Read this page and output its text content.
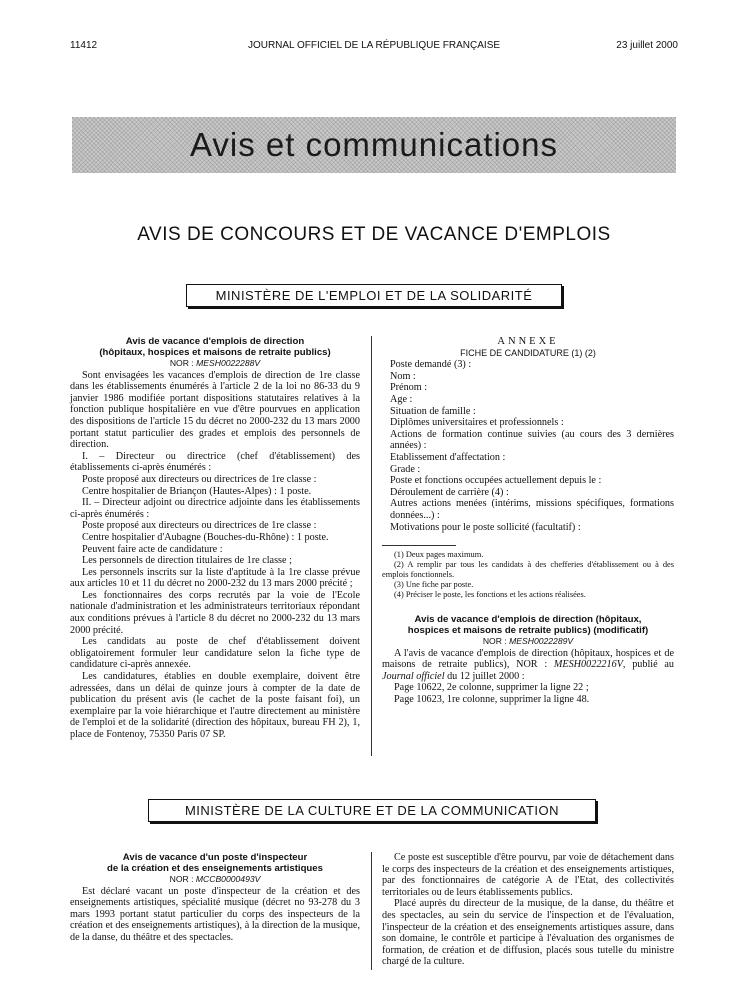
11412	JOURNAL OFFICIEL DE LA RÉPUBLIQUE FRANÇAISE	23 juillet 2000
Avis et communications
AVIS DE CONCOURS ET DE VACANCE D'EMPLOIS
MINISTÈRE DE L'EMPLOI ET DE LA SOLIDARITÉ

Avis de vacance d'emplois de direction

(hôpitaux, hospices et maisons de retraite publics)

NOR : MESH0022288V

Sont envisagées les vacances d'emplois de direction de 1re classe dans les établissements énumérés à l'article 2 de la loi no 86-33 du 9 janvier 1986 modifiée portant dispositions statutaires relatives à la fonction publique hospitalière en vue d'être pourvues en application des dispositions de l'article 15 du décret no 2000-232 du 13 mars 2000 portant statut particulier des grades et emplois des personnels de direction.

I. – Directeur ou directrice (chef d'établissement) des établissements ci-après énumérés :

Poste proposé aux directeurs ou directrices de 1re classe :

Centre hospitalier de Briançon (Hautes-Alpes) : 1 poste.

II. – Directeur adjoint ou directrice adjointe dans les établissements ci-après énumérés :

Poste proposé aux directeurs ou directrices de 1re classe :

Centre hospitalier d'Aubagne (Bouches-du-Rhône) : 1 poste.

Peuvent faire acte de candidature :

Les personnels de direction titulaires de 1re classe ;

Les personnels inscrits sur la liste d'aptitude à la 1re classe prévue aux articles 10 et 11 du décret no 2000-232 du 13 mars 2000 précité ;

Les fonctionnaires des corps recrutés par la voie de l'Ecole nationale d'administration et les administrateurs territoriaux répondant aux conditions prévues à l'article 8 du décret no 2000-232 du 13 mars 2000 précité.

Les candidats au poste de chef d'établissement doivent obligatoirement formuler leur candidature selon la fiche type de candidature ci-après annexée.

Les candidatures, établies en double exemplaire, doivent être adressées, dans un délai de quinze jours à compter de la date de publication du présent avis (le cachet de la poste faisant foi), un exemplaire par la voie hiérarchique et l'autre directement au ministère de l'emploi et de la solidarité (direction des hôpitaux, bureau FH 2), 1, place de Fontenoy, 75350 Paris 07 SP.

ANNEXE

FICHE DE CANDIDATURE (1) (2)

Poste demandé (3) :

Nom :

Prénom :

Age :

Situation de famille :

Diplômes universitaires et professionnels :

Actions de formation continue suivies (au cours des 3 dernières années) :

Etablissement d'affectation :

Grade :

Poste et fonctions occupées actuellement depuis le :

Déroulement de carrière (4) :

Autres actions menées (intérims, missions spécifiques, formations données...) :

Motivations pour le poste sollicité (facultatif) :

(1) Deux pages maximum.

(2) A remplir par tous les candidats à des chefferies d'établissement ou à des emplois fonctionnels.

(3) Une fiche par poste.

(4) Préciser le poste, les fonctions et les actions réalisées.

Avis de vacance d'emplois de direction (hôpitaux,

hospices et maisons de retraite publics) (modificatif)

NOR : MESH0022289V

A l'avis de vacance d'emplois de direction (hôpitaux, hospices et de maisons de retraite publics), NOR : MESH0022216V, publié au Journal officiel du 12 juillet 2000 :

Page 10622, 2e colonne, supprimer la ligne 22 ;

Page 10623, 1re colonne, supprimer la ligne 48.

MINISTÈRE DE LA CULTURE ET DE LA COMMUNICATION

Avis de vacance d'un poste d'inspecteur

de la création et des enseignements artistiques

NOR : MCCB0000493V

Est déclaré vacant un poste d'inspecteur de la création et des enseignements artistiques, spécialité musique (décret no 93-278 du 3 mars 1993 portant statut particulier du corps des inspecteurs de la création et des enseignements artistiques), à la direction de la musique, de la danse, du théâtre et des spectacles.

Ce poste est susceptible d'être pourvu, par voie de détachement dans le corps des inspecteurs de la création et des enseignements artistiques, par des fonctionnaires de catégorie A de l'Etat, des collectivités territoriales ou de leurs établissements publics.

Placé auprès du directeur de la musique, de la danse, du théâtre et des spectacles, au sein du service de l'inspection et de l'évaluation, l'inspecteur de la création et des enseignements artistiques assure, dans son domaine, le contrôle et participe à l'évaluation des organismes de formation, de création et de diffusion, placés sous tutelle du ministre chargé de la culture.
